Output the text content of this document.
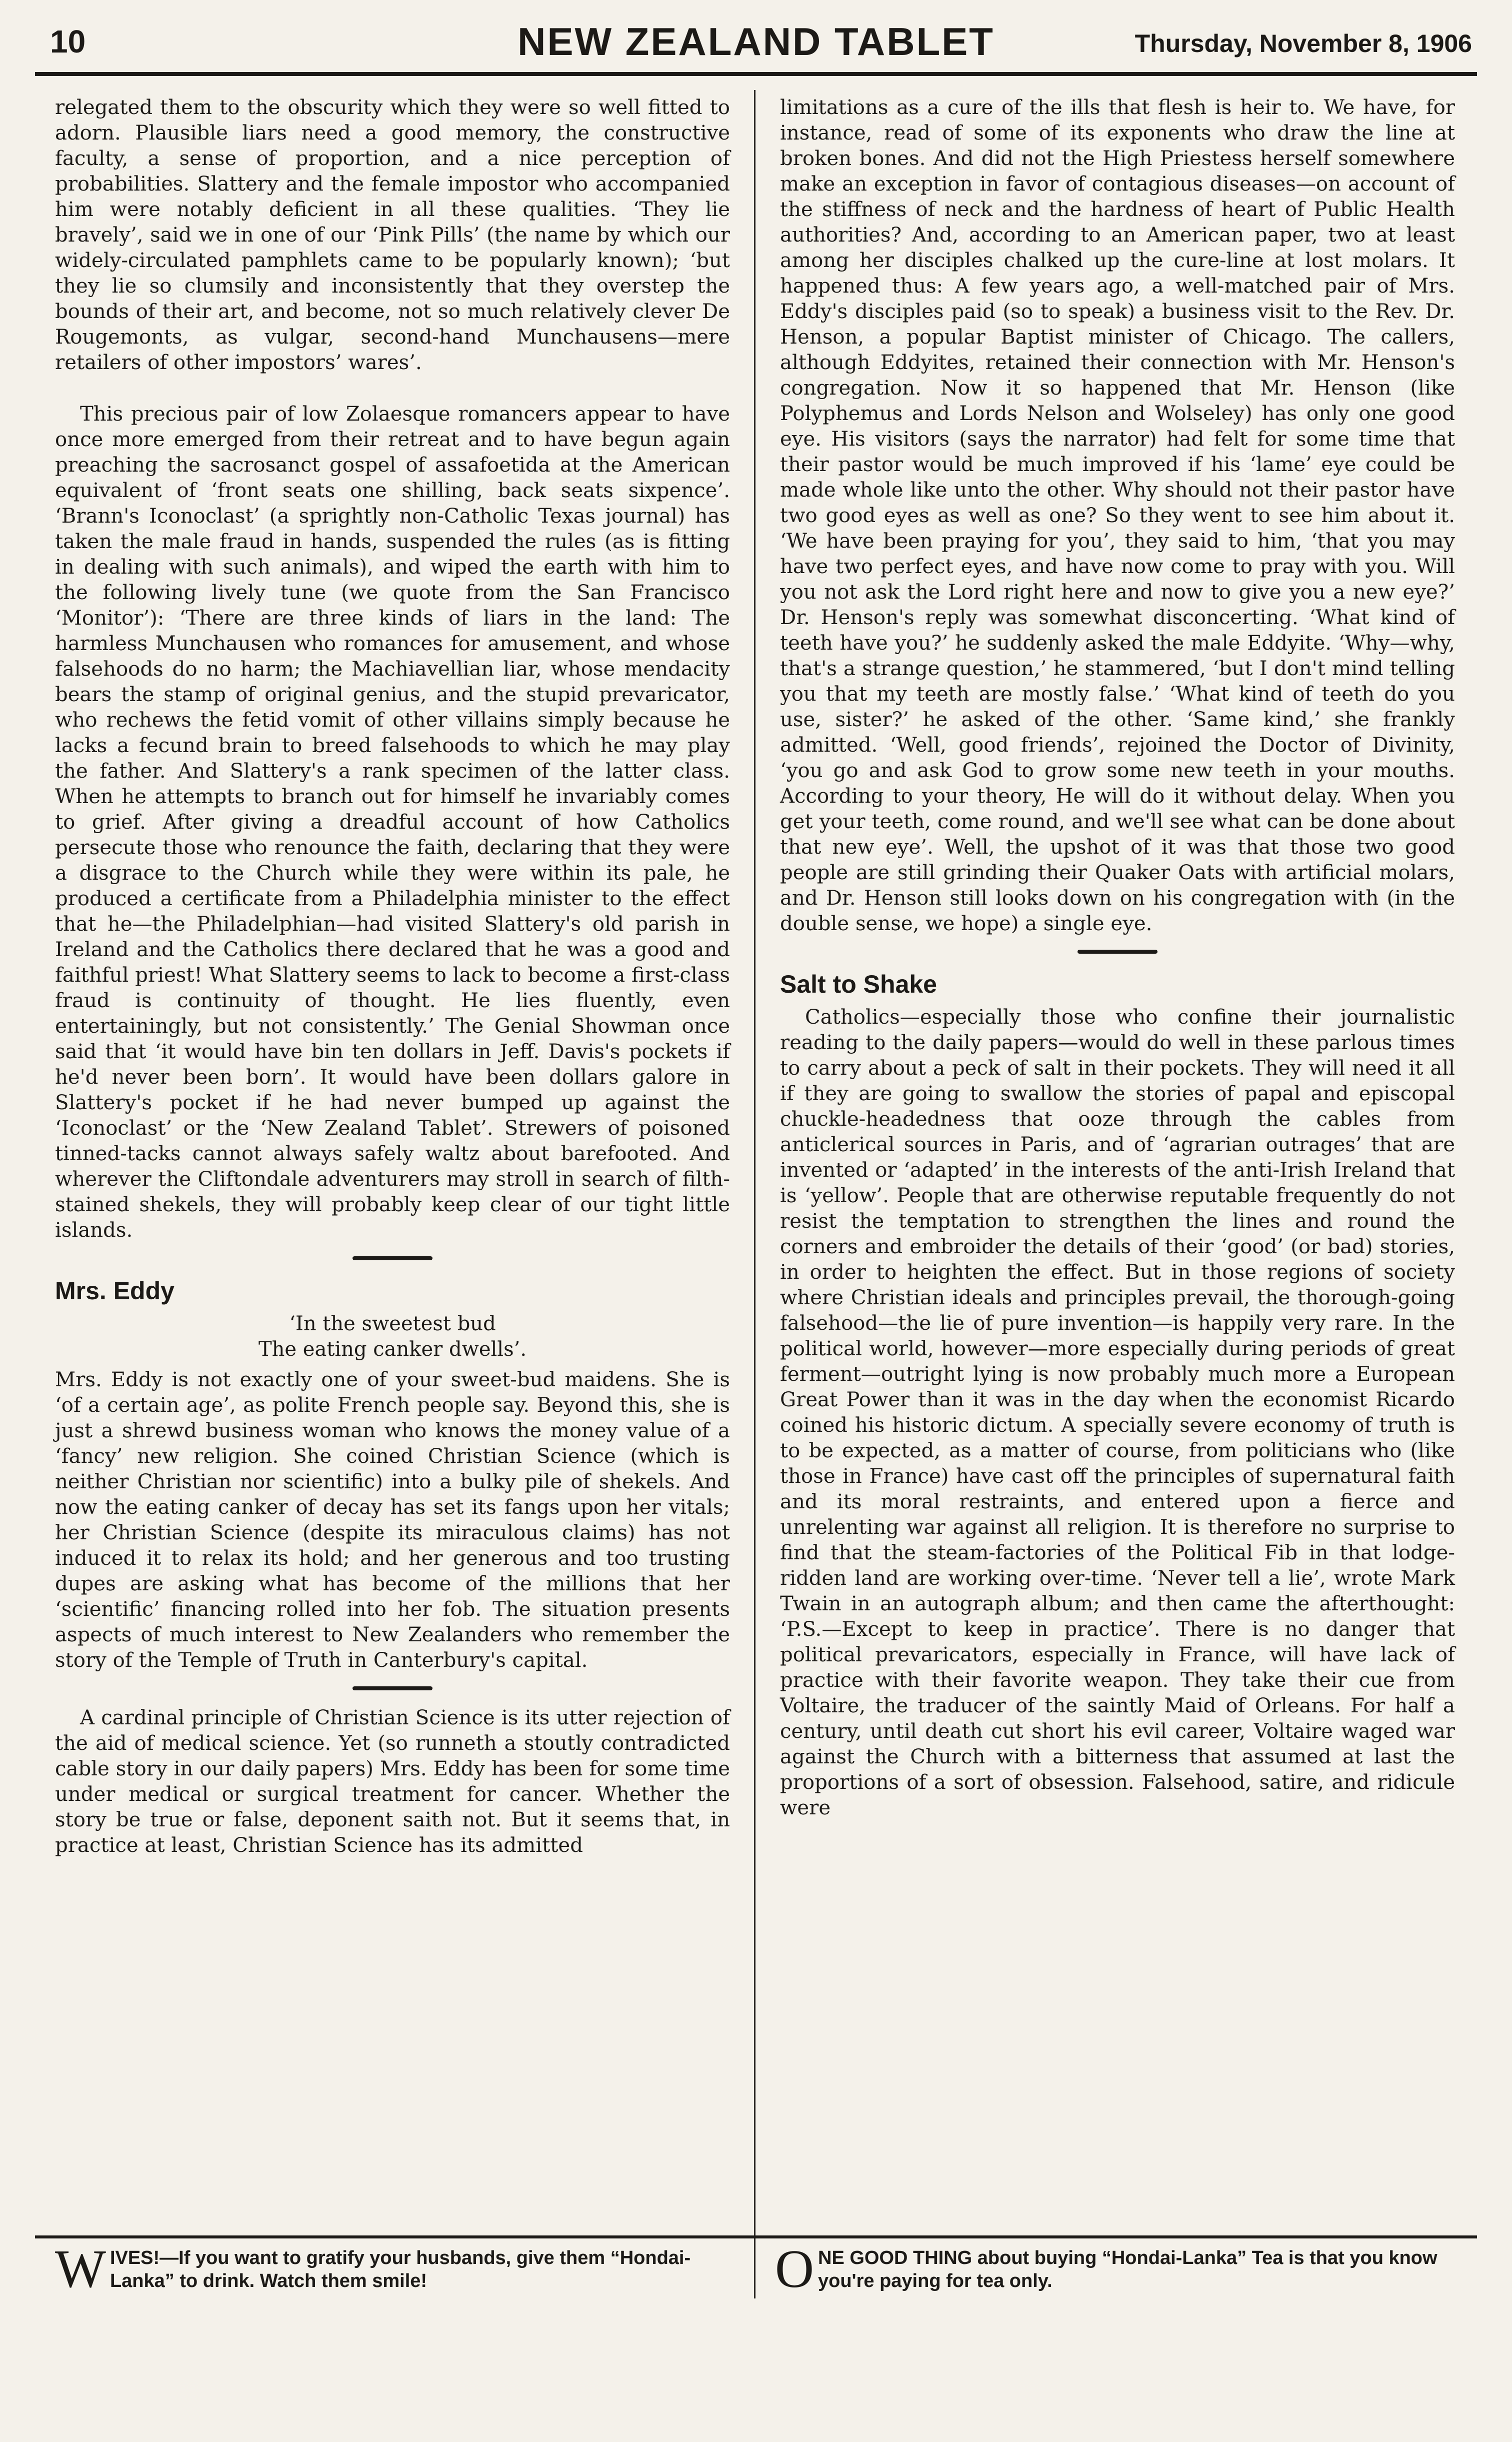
10	NEW ZEALAND TABLET	Thursday, November 8, 1906

relegated them to the obscurity which they were so well fitted to adorn. Plausible liars need a good memory, the constructive faculty, a sense of proportion, and a nice perception of probabilities. Slattery and the female impostor who accompanied him were notably deficient in all these qualities. ‘They lie bravely’, said we in one of our ‘Pink Pills’ (the name by which our widely-circulated pamphlets came to be popularly known); ‘but they lie so clumsily and inconsistently that they overstep the bounds of their art, and become, not so much relatively clever De Rougemonts, as vulgar, second-hand Munchausens—mere retailers of other impostors’ wares’.

This precious pair of low Zolaesque romancers appear to have once more emerged from their retreat and to have begun again preaching the sacrosanct gospel of assafoetida at the American equivalent of ‘front seats one shilling, back seats sixpence’. ‘Brann's Iconoclast’ (a sprightly non-Catholic Texas journal) has taken the male fraud in hands, suspended the rules (as is fitting in dealing with such animals), and wiped the earth with him to the following lively tune (we quote from the San Francisco ‘Monitor’): ‘There are three kinds of liars in the land: The harmless Munchausen who romances for amusement, and whose falsehoods do no harm; the Machiavellian liar, whose mendacity bears the stamp of original genius, and the stupid prevaricator, who rechews the fetid vomit of other villains simply because he lacks a fecund brain to breed falsehoods to which he may play the father. And Slattery's a rank specimen of the latter class. When he attempts to branch out for himself he invariably comes to grief. After giving a dreadful account of how Catholics persecute those who renounce the faith, declaring that they were a disgrace to the Church while they were within its pale, he produced a certificate from a Philadelphia minister to the effect that he—the Philadelphian—had visited Slattery's old parish in Ireland and the Catholics there declared that he was a good and faithful priest! What Slattery seems to lack to become a first-class fraud is continuity of thought. He lies fluently, even entertainingly, but not consistently.’ The Genial Showman once said that ‘it would have bin ten dollars in Jeff. Davis's pockets if he'd never been born’. It would have been dollars galore in Slattery's pocket if he had never bumped up against the ‘Iconoclast’ or the ‘New Zealand Tablet’. Strewers of poisoned tinned-tacks cannot always safely waltz about barefooted. And wherever the Cliftondale adventurers may stroll in search of filth-stained shekels, they will probably keep clear of our tight little islands.

Mrs. Eddy
‘In the sweetest bud
The eating canker dwells’.

Mrs. Eddy is not exactly one of your sweet-bud maidens. She is ‘of a certain age’, as polite French people say. Beyond this, she is just a shrewd business woman who knows the money value of a ‘fancy’ new religion. She coined Christian Science (which is neither Christian nor scientific) into a bulky pile of shekels. And now the eating canker of decay has set its fangs upon her vitals; her Christian Science (despite its miraculous claims) has not induced it to relax its hold; and her generous and too trusting dupes are asking what has become of the millions that her ‘scientific’ financing rolled into her fob. The situation presents aspects of much interest to New Zealanders who remember the story of the Temple of Truth in Canterbury's capital.

A cardinal principle of Christian Science is its utter rejection of the aid of medical science. Yet (so runneth a stoutly contradicted cable story in our daily papers) Mrs. Eddy has been for some time under medical or surgical treatment for cancer. Whether the story be true or false, deponent saith not. But it seems that, in practice at least, Christian Science has its admitted

limitations as a cure of the ills that flesh is heir to. We have, for instance, read of some of its exponents who draw the line at broken bones. And did not the High Priestess herself somewhere make an exception in favor of contagious diseases—on account of the stiffness of neck and the hardness of heart of Public Health authorities? And, according to an American paper, two at least among her disciples chalked up the cure-line at lost molars. It happened thus: A few years ago, a well-matched pair of Mrs. Eddy's disciples paid (so to speak) a business visit to the Rev. Dr. Henson, a popular Baptist minister of Chicago. The callers, although Eddyites, retained their connection with Mr. Henson's congregation. Now it so happened that Mr. Henson (like Polyphemus and Lords Nelson and Wolseley) has only one good eye. His visitors (says the narrator) had felt for some time that their pastor would be much improved if his ‘lame’ eye could be made whole like unto the other. Why should not their pastor have two good eyes as well as one? So they went to see him about it. ‘We have been praying for you’, they said to him, ‘that you may have two perfect eyes, and have now come to pray with you. Will you not ask the Lord right here and now to give you a new eye?’ Dr. Henson's reply was somewhat disconcerting. ‘What kind of teeth have you?’ he suddenly asked the male Eddyite. ‘Why—why, that's a strange question,’ he stammered, ‘but I don't mind telling you that my teeth are mostly false.’ ‘What kind of teeth do you use, sister?’ he asked of the other. ‘Same kind,’ she frankly admitted. ‘Well, good friends’, rejoined the Doctor of Divinity, ‘you go and ask God to grow some new teeth in your mouths. According to your theory, He will do it without delay. When you get your teeth, come round, and we'll see what can be done about that new eye’. Well, the upshot of it was that those two good people are still grinding their Quaker Oats with artificial molars, and Dr. Henson still looks down on his congregation with (in the double sense, we hope) a single eye.

Salt to Shake

Catholics—especially those who confine their journalistic reading to the daily papers—would do well in these parlous times to carry about a peck of salt in their pockets. They will need it all if they are going to swallow the stories of papal and episcopal chuckle-headedness that ooze through the cables from anticlerical sources in Paris, and of ‘agrarian outrages’ that are invented or ‘adapted’ in the interests of the anti-Irish Ireland that is ‘yellow’. People that are otherwise reputable frequently do not resist the temptation to strengthen the lines and round the corners and embroider the details of their ‘good’ (or bad) stories, in order to heighten the effect. But in those regions of society where Christian ideals and principles prevail, the thorough-going falsehood—the lie of pure invention—is happily very rare. In the political world, however—more especially during periods of great ferment—outright lying is now probably much more a European Great Power than it was in the day when the economist Ricardo coined his historic dictum. A specially severe economy of truth is to be expected, as a matter of course, from politicians who (like those in France) have cast off the principles of supernatural faith and its moral restraints, and entered upon a fierce and unrelenting war against all religion. It is therefore no surprise to find that the steam-factories of the Political Fib in that lodge-ridden land are working over-time. ‘Never tell a lie’, wrote Mark Twain in an autograph album; and then came the afterthought: ‘P.S.—Except to keep in practice’. There is no danger that political prevaricators, especially in France, will have lack of practice with their favorite weapon. They take their cue from Voltaire, the traducer of the saintly Maid of Orleans. For half a century, until death cut short his evil career, Voltaire waged war against the Church with a bitterness that assumed at last the proportions of a sort of obsession. Falsehood, satire, and ridicule were

W IVES!—If you want to gratify your husbands, give them “Hondai-Lanka” to drink. Watch them smile!	O NE GOOD THING about buying “Hondai-Lanka” Tea is that you know you're paying for tea only.
